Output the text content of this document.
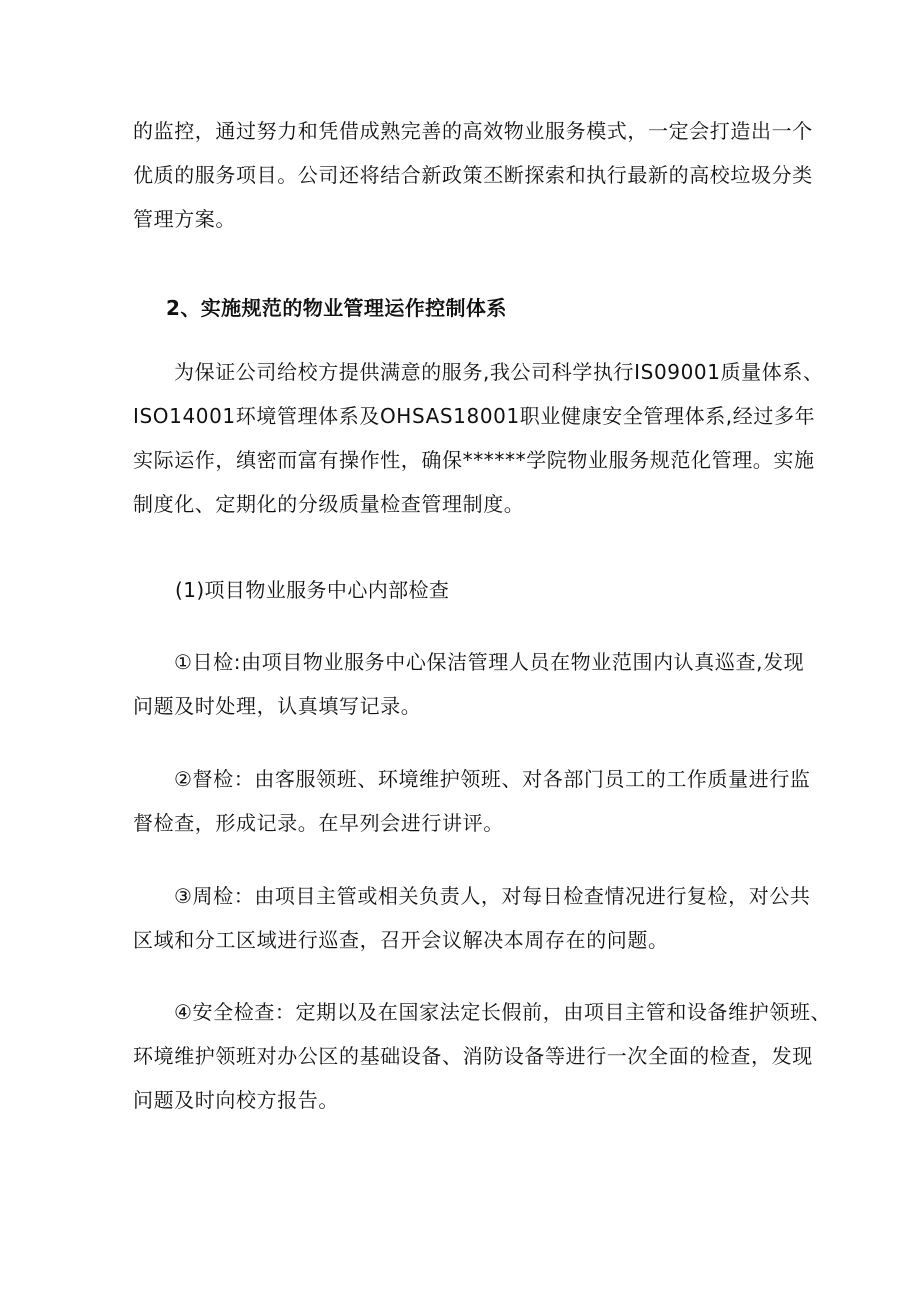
的监控，通过努力和凭借成熟完善的高效物业服务模式，一定会打造出一个
优质的服务项目。公司还将结合新政策丕断探索和执行最新的高校垃圾分类
管理方案。

2、实施规范的物业管理运作控制体系

为保证公司给校方提供满意的服务,我公司科学执行IS09001质量体系、
ISO14001环境管理体系及OHSAS18001职业健康安全管理体系,经过多年
实际运作，缜密而富有操作性，确保******学院物业服务规范化管理。实施
制度化、定期化的分级质量检查管理制度。

(1)项目物业服务中心内部检查

①日检:由项目物业服务中心保洁管理人员在物业范围内认真巡查,发现
问题及时处理，认真填写记录。

②督检：由客服领班、环境维护领班、对各部门员工的工作质量进行监
督检查，形成记录。在早列会进行讲评。

③周检：由项目主管或相关负责人，对每日检查情况进行复检，对公共
区域和分工区域进行巡查，召开会议解决本周存在的问题。

④安全检查：定期以及在国家法定长假前，由项目主管和设备维护领班、
环境维护领班对办公区的基础设备、消防设备等进行一次全面的检查，发现
问题及时向校方报告。
